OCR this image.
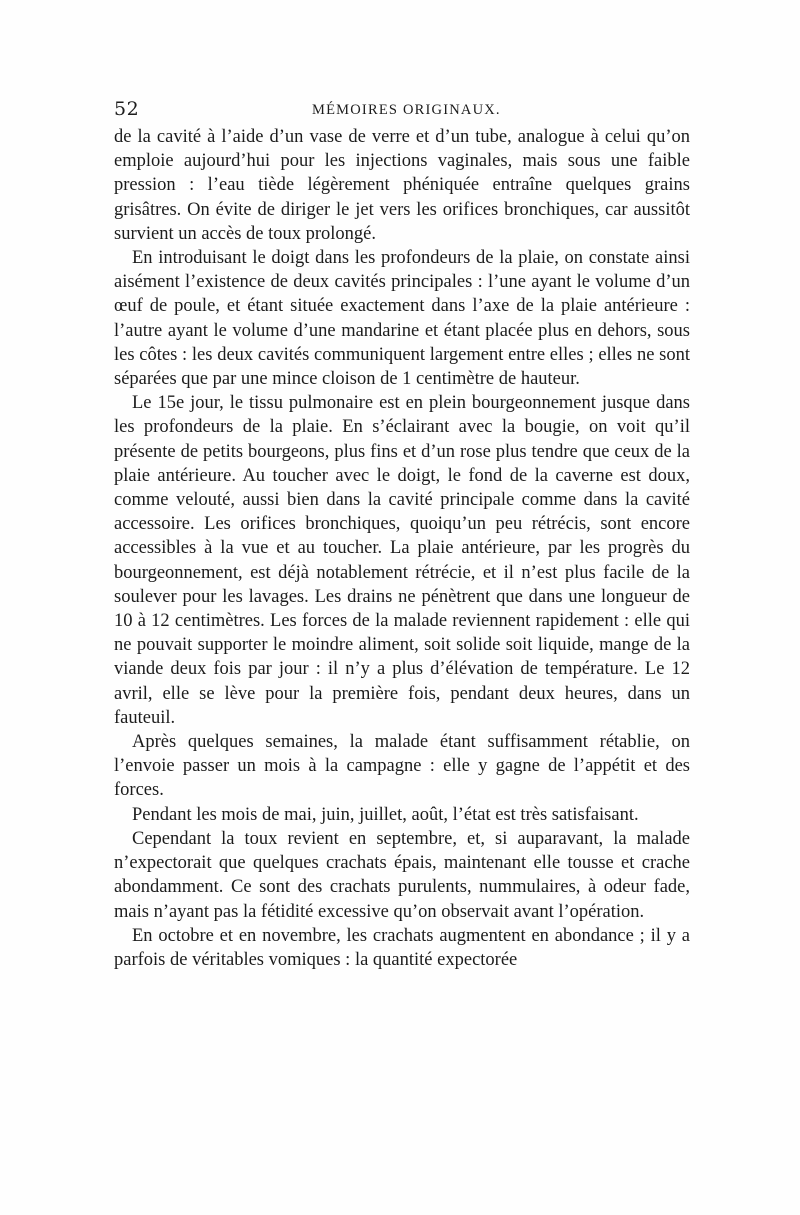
52	MÉMOIRES ORIGINAUX.

de la cavité à l’aide d’un vase de verre et d’un tube, analogue à celui qu’on emploie aujourd’hui pour les injections vaginales, mais sous une faible pression : l’eau tiède légèrement phéniquée entraîne quelques grains grisâtres. On évite de diriger le jet vers les orifices bronchiques, car aussitôt survient un accès de toux prolongé.

En introduisant le doigt dans les profondeurs de la plaie, on constate ainsi aisément l’existence de deux cavités principales : l’une ayant le volume d’un œuf de poule, et étant située exactement dans l’axe de la plaie antérieure : l’autre ayant le volume d’une mandarine et étant placée plus en dehors, sous les côtes : les deux cavités communiquent largement entre elles ; elles ne sont séparées que par une mince cloison de 1 centimètre de hauteur.

Le 15e jour, le tissu pulmonaire est en plein bourgeonnement jusque dans les profondeurs de la plaie. En s’éclairant avec la bougie, on voit qu’il présente de petits bourgeons, plus fins et d’un rose plus tendre que ceux de la plaie antérieure. Au toucher avec le doigt, le fond de la caverne est doux, comme velouté, aussi bien dans la cavité principale comme dans la cavité accessoire. Les orifices bronchiques, quoiqu’un peu rétrécis, sont encore accessibles à la vue et au toucher. La plaie antérieure, par les progrès du bourgeonnement, est déjà notablement rétrécie, et il n’est plus facile de la soulever pour les lavages. Les drains ne pénètrent que dans une longueur de 10 à 12 centimètres. Les forces de la malade reviennent rapidement : elle qui ne pouvait supporter le moindre aliment, soit solide soit liquide, mange de la viande deux fois par jour : il n’y a plus d’élévation de température. Le 12 avril, elle se lève pour la première fois, pendant deux heures, dans un fauteuil.

Après quelques semaines, la malade étant suffisamment rétablie, on l’envoie passer un mois à la campagne : elle y gagne de l’appétit et des forces.

Pendant les mois de mai, juin, juillet, août, l’état est très satisfaisant.

Cependant la toux revient en septembre, et, si auparavant, la malade n’expectorait que quelques crachats épais, maintenant elle tousse et crache abondamment. Ce sont des crachats purulents, nummulaires, à odeur fade, mais n’ayant pas la fétidité excessive qu’on observait avant l’opération.

En octobre et en novembre, les crachats augmentent en abondance ; il y a parfois de véritables vomiques : la quantité expectorée
